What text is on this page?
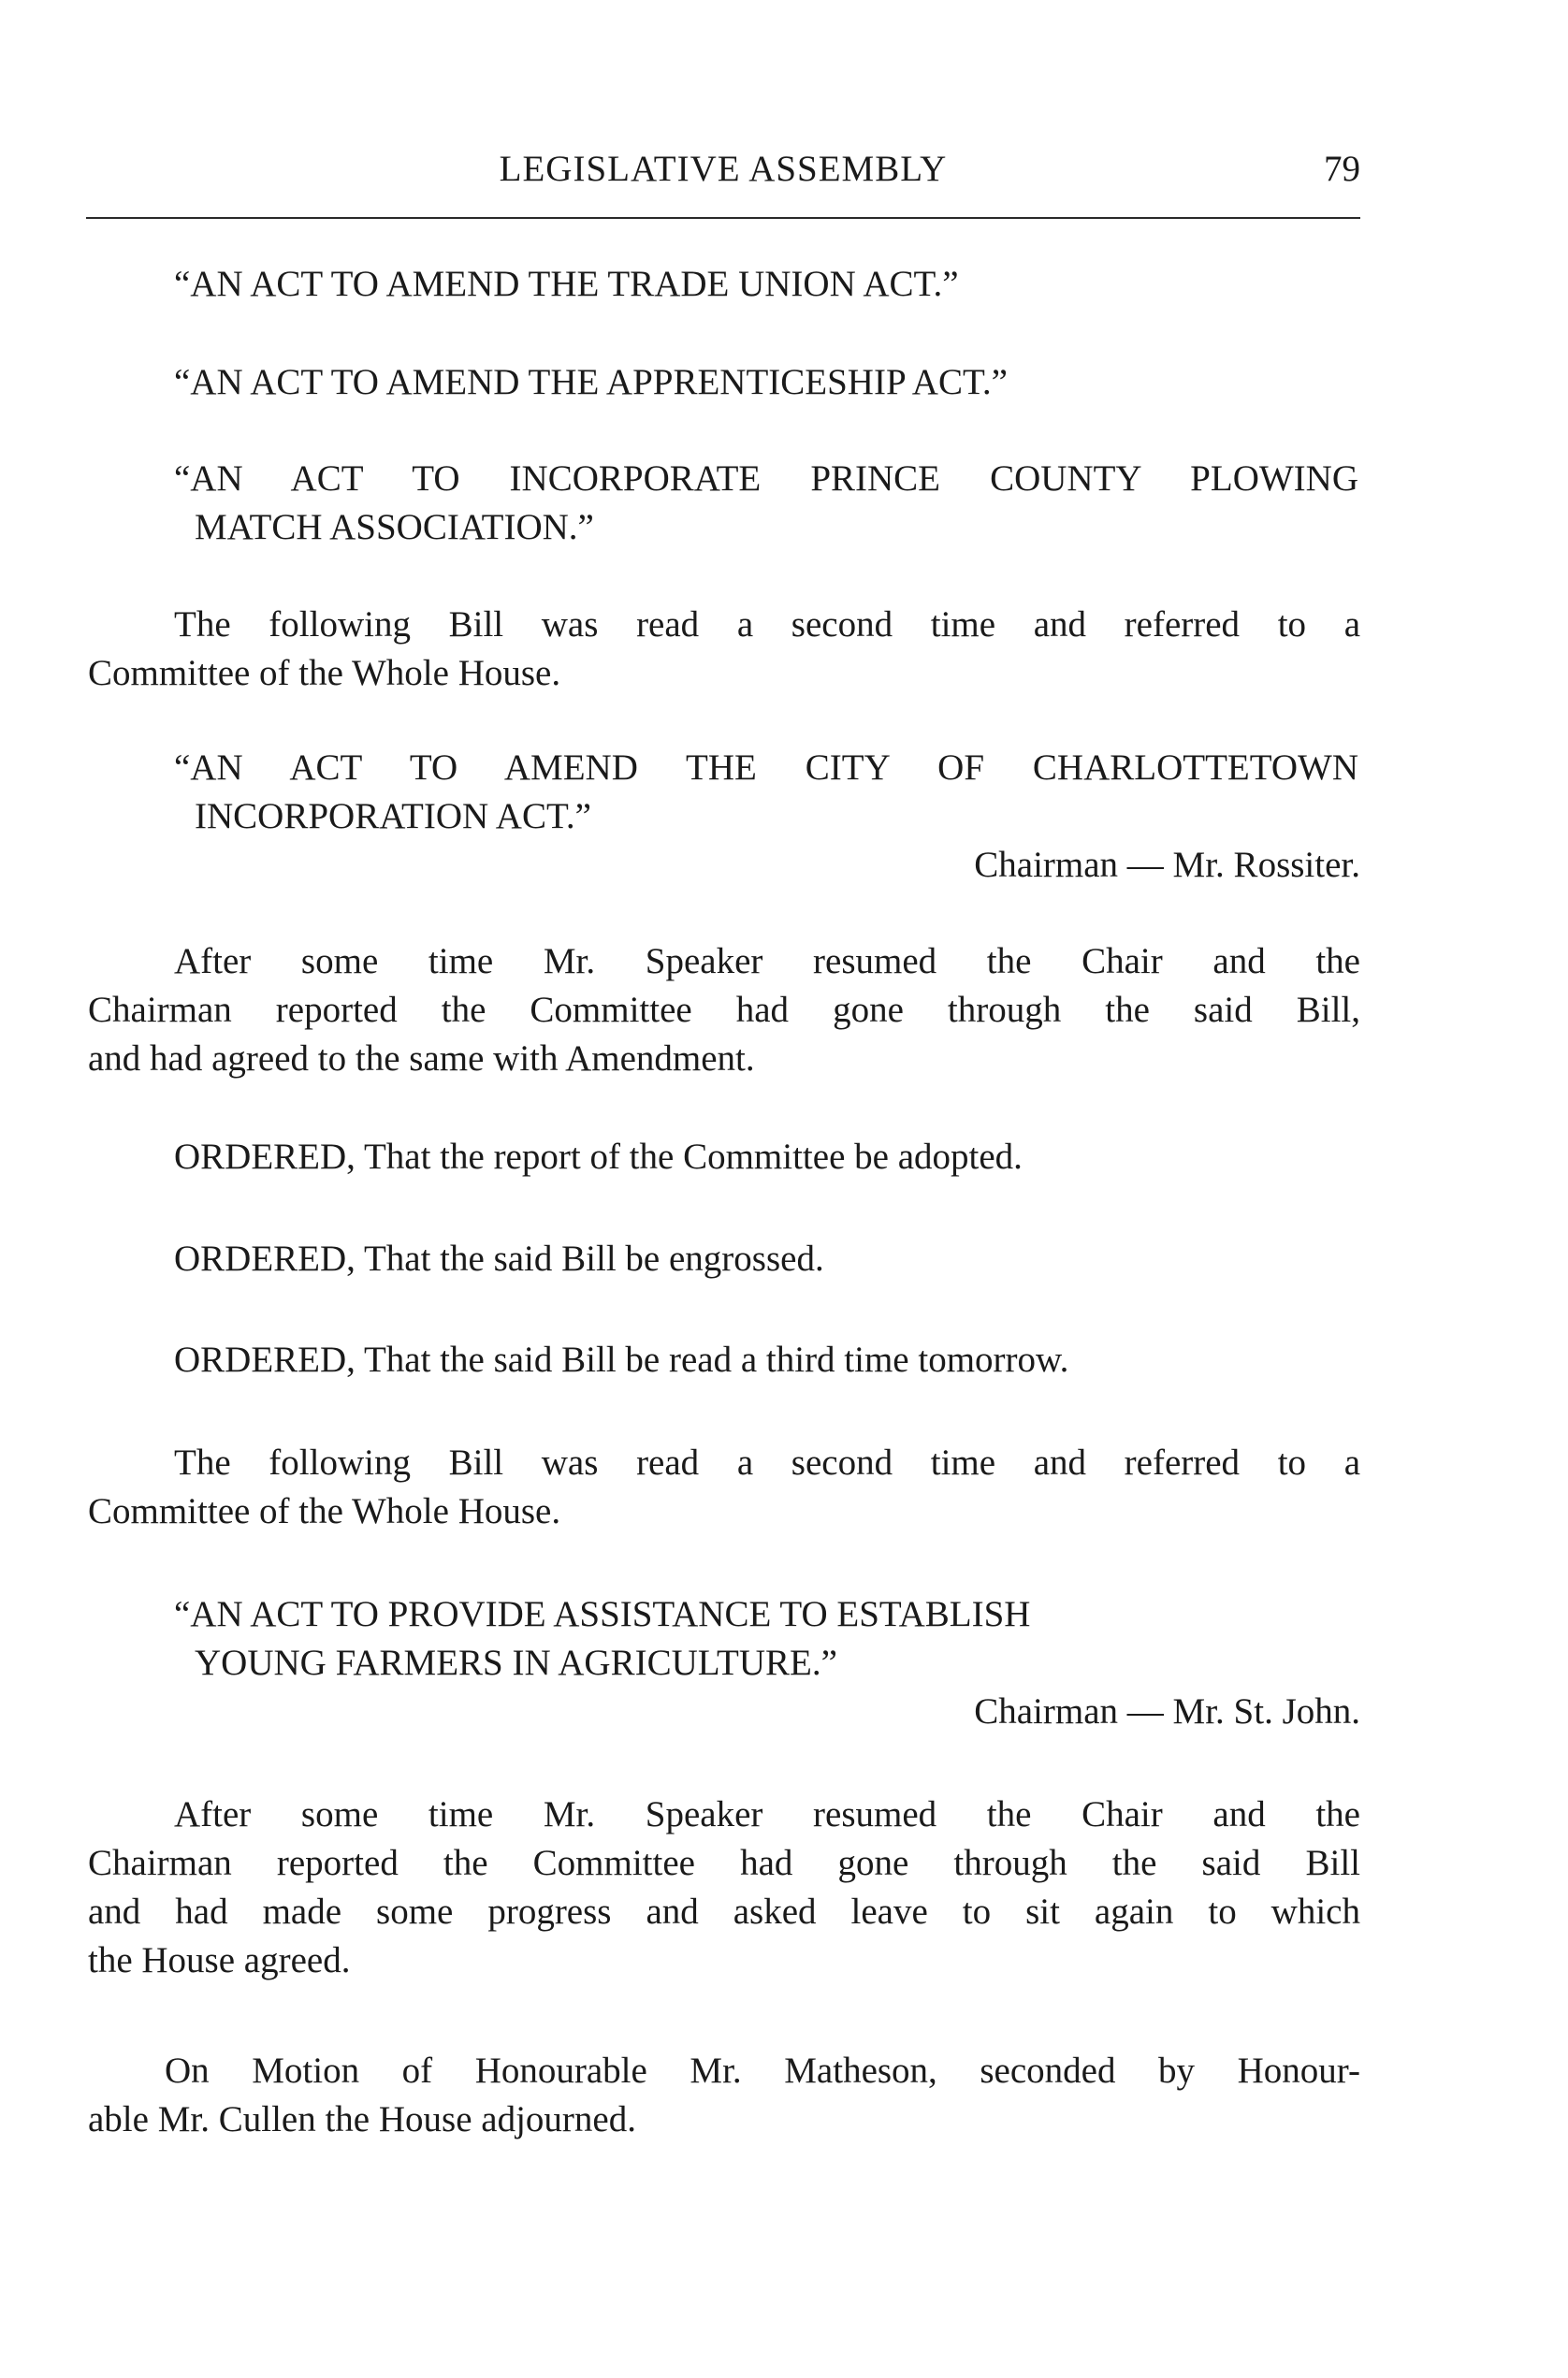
LEGISLATIVE ASSEMBLY	79
“AN ACT TO AMEND THE TRADE UNION ACT.”
“AN ACT TO AMEND THE APPRENTICESHIP ACT.”
“AN ACT TO INCORPORATE PRINCE COUNTY PLOWING
MATCH ASSOCIATION.”
The following Bill was read a second time and referred to a
Committee of the Whole House.
“AN ACT TO AMEND THE CITY OF CHARLOTTETOWN
INCORPORATION ACT.”
Chairman — Mr. Rossiter.
After some time Mr. Speaker resumed the Chair and the
Chairman reported the Committee had gone through the said Bill,
and had agreed to the same with Amendment.
ORDERED, That the report of the Committee be adopted.
ORDERED, That the said Bill be engrossed.
ORDERED, That the said Bill be read a third time tomorrow.
The following Bill was read a second time and referred to a
Committee of the Whole House.
“AN ACT TO PROVIDE ASSISTANCE TO ESTABLISH
YOUNG FARMERS IN AGRICULTURE.”
Chairman — Mr. St. John.
After some time Mr. Speaker resumed the Chair and the
Chairman reported the Committee had gone through the said Bill
and had made some progress and asked leave to sit again to which
the House agreed.
On Motion of Honourable Mr. Matheson, seconded by Honour-
able Mr. Cullen the House adjourned.
